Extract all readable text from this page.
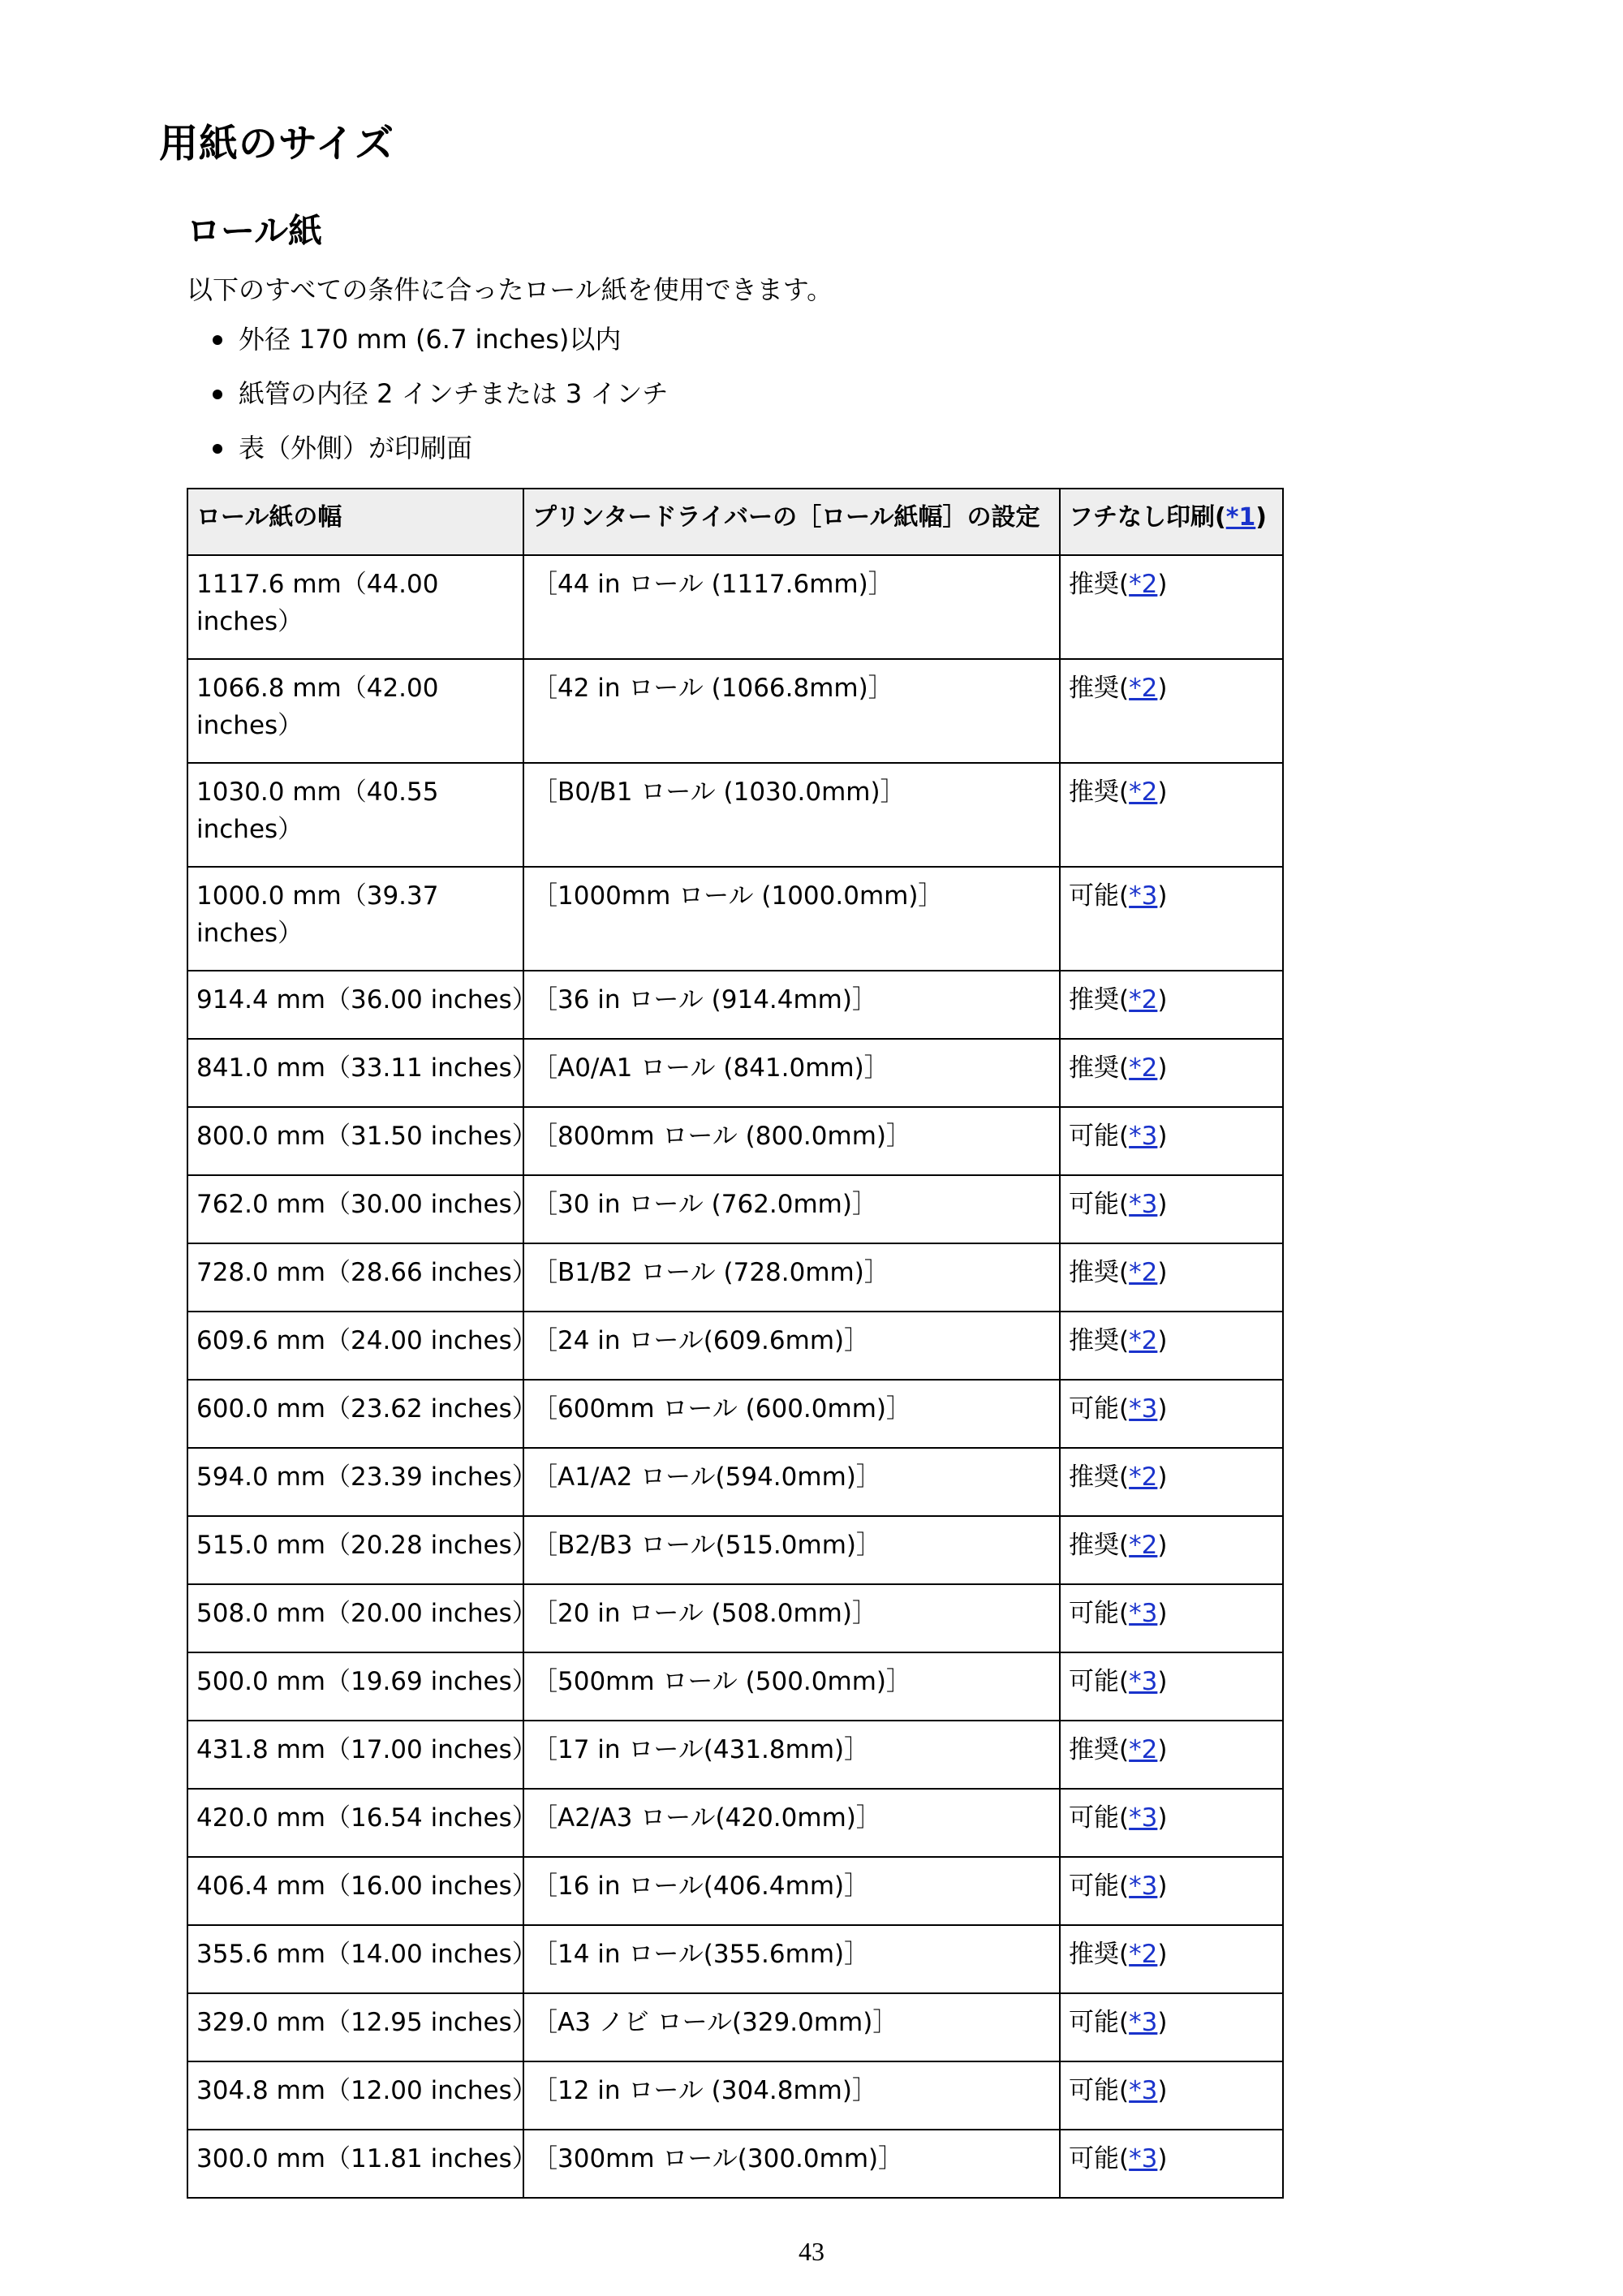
用紙のサイズ
ロール紙

以下のすべての条件に合ったロール紙を使用できます。

外径 170 mm (6.7 inches)以内
紙管の内径 2 インチまたは 3 インチ
表（外側）が印刷面
ロール紙の幅	プリンタードライバーの［ロール紙幅］の設定	フチなし印刷(*1)
1117.6 mm（44.00 inches）	［44 in ロール (1117.6mm)］	推奨(*2)
1066.8 mm（42.00 inches）	［42 in ロール (1066.8mm)］	推奨(*2)
1030.0 mm（40.55 inches）	［B0/B1 ロール (1030.0mm)］	推奨(*2)
1000.0 mm（39.37 inches）	［1000mm ロール (1000.0mm)］	可能(*3)
914.4 mm（36.00 inches）	［36 in ロール (914.4mm)］	推奨(*2)
841.0 mm（33.11 inches）	［A0/A1 ロール (841.0mm)］	推奨(*2)
800.0 mm（31.50 inches）	［800mm ロール (800.0mm)］	可能(*3)
762.0 mm（30.00 inches）	［30 in ロール (762.0mm)］	可能(*3)
728.0 mm（28.66 inches）	［B1/B2 ロール (728.0mm)］	推奨(*2)
609.6 mm（24.00 inches）	［24 in ロール(609.6mm)］	推奨(*2)
600.0 mm（23.62 inches）	［600mm ロール (600.0mm)］	可能(*3)
594.0 mm（23.39 inches）	［A1/A2 ロール(594.0mm)］	推奨(*2)
515.0 mm（20.28 inches）	［B2/B3 ロール(515.0mm)］	推奨(*2)
508.0 mm（20.00 inches）	［20 in ロール (508.0mm)］	可能(*3)
500.0 mm（19.69 inches）	［500mm ロール (500.0mm)］	可能(*3)
431.8 mm（17.00 inches）	［17 in ロール(431.8mm)］	推奨(*2)
420.0 mm（16.54 inches）	［A2/A3 ロール(420.0mm)］	可能(*3)
406.4 mm（16.00 inches）	［16 in ロール(406.4mm)］	可能(*3)
355.6 mm（14.00 inches）	［14 in ロール(355.6mm)］	推奨(*2)
329.0 mm（12.95 inches）	［A3 ノビ ロール(329.0mm)］	可能(*3)
304.8 mm（12.00 inches）	［12 in ロール (304.8mm)］	可能(*3)
300.0 mm（11.81 inches）	［300mm ロール(300.0mm)］	可能(*3)
43
